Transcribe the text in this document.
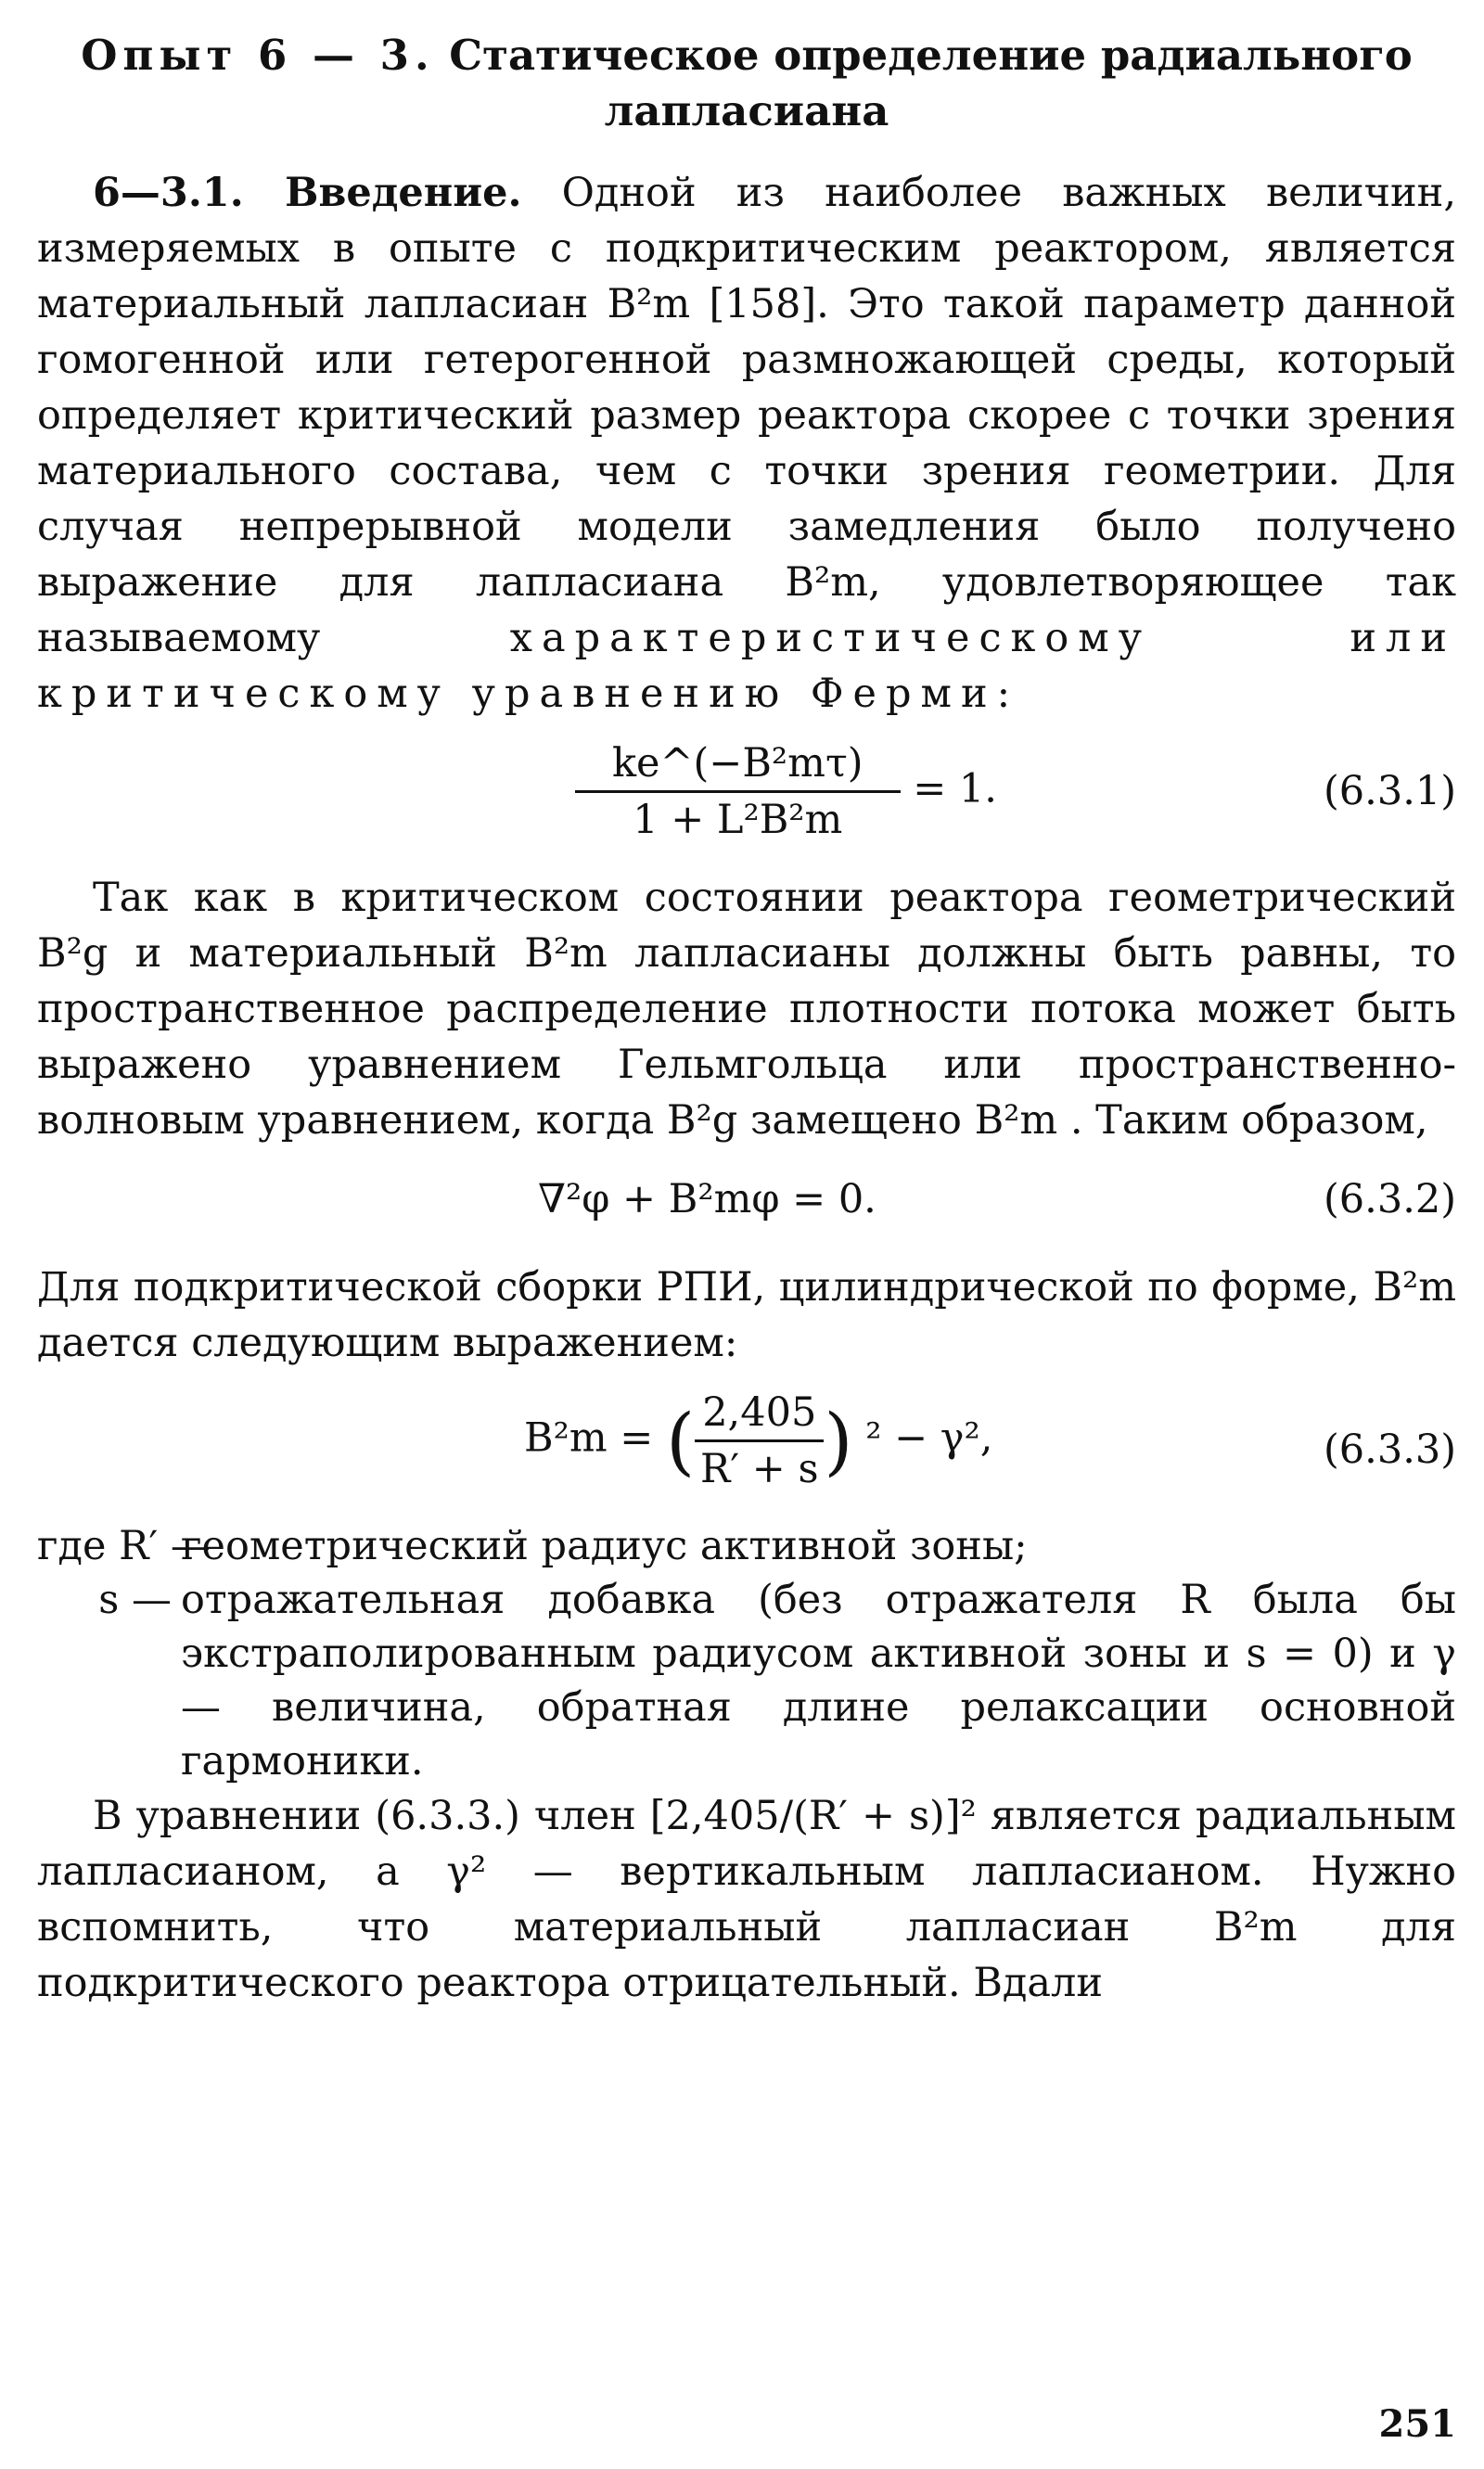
Опыт 6 — 3. Статическое определение радиального лапласиана

6—3.1. Введение. Одной из наиболее важных величин, измеряемых в опыте с подкритическим реактором, является материальный лапласиан B²m [158]. Это такой параметр данной гомогенной или гетерогенной размножающей среды, который определяет критический размер реактора скорее с точки зрения материального состава, чем с точки зрения геометрии. Для случая непрерывной модели замедления было получено выражение для лапласиана B²m, удовлетворяющее так называемому	характеристическому или критическому уравнению Ферми:

$\frac{\text{ke\textasciicircum{}(−B²mτ)}}{\text{1 + L²B²m}} = 1$.	(6.3.1)

Так как в критическом состоянии реактора геометрический B²g и материальный B²m лапласианы должны быть равны, то пространственное распределение плотности потока может быть выражено уравнением Гельмгольца или пространственно-волновым уравнением, когда B²g замещено B²m . Таким образом,

∇²φ + B²mφ = 0.	(6.3.2)

Для подкритической сборки РПИ, цилиндрической по форме, B²m дается следующим выражением:

B²m = ( $\frac{2,405}{R' + s}$ ) ² − γ²,	(6.3.3)
где R′ —
геометрический радиус активной зоны;
s — отражательная добавка (без отражателя R была бы экстраполированным радиусом активной зоны и s = 0) и γ — величина, обратная длине релаксации основной гармоники.

В уравнении (6.3.3.) член [2,405/(R′ + s)]² является радиальным лапласианом, а γ² — вертикальным лапласианом. Нужно вспомнить, что материальный лапласиан B²m для подкритического реактора отрицательный. Вдали

251
